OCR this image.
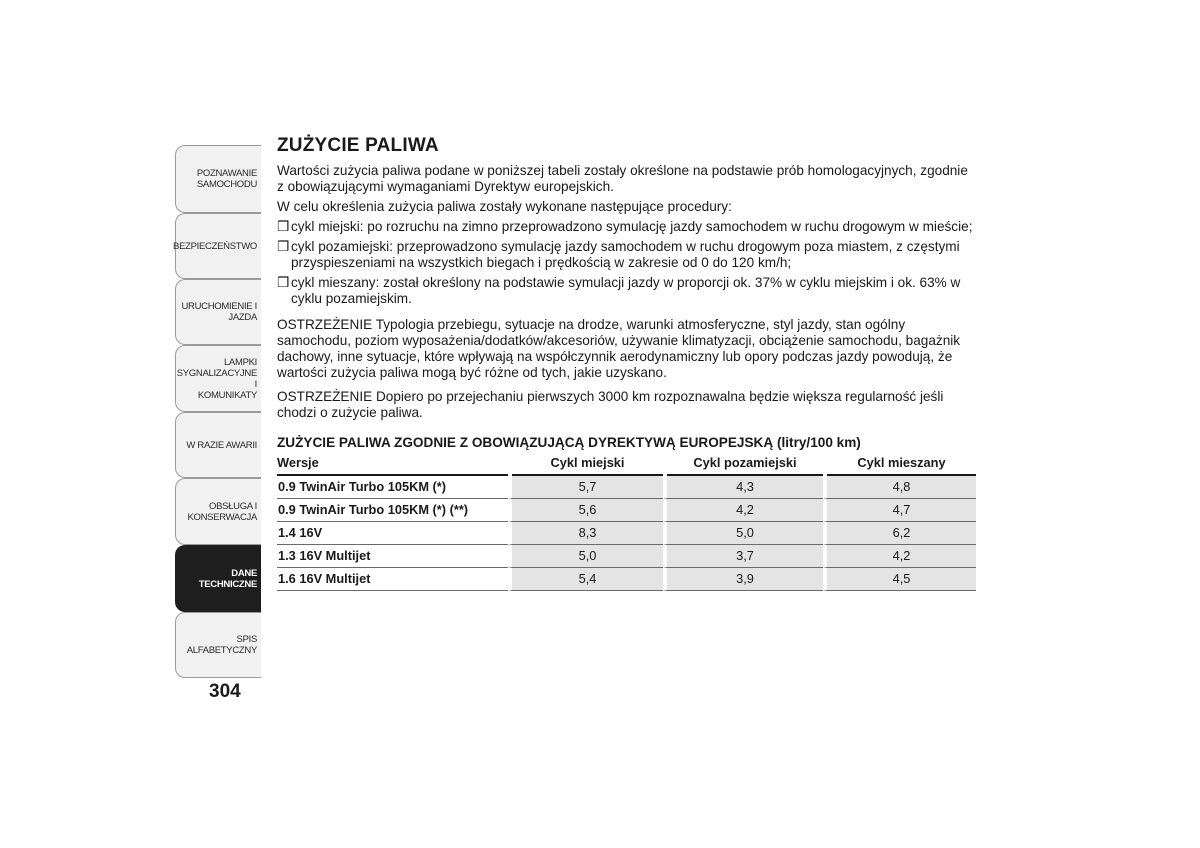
POZNAWANIE
SAMOCHODU
BEZPIECZEŃSTWO
URUCHOMIENIE I
JAZDA
LAMPKI
SYGNALIZACYJNE I
KOMUNIKATY
W RAZIE AWARII
OBSŁUGA I
KONSERWACJA
DANE
TECHNICZNE
SPIS ALFABETYCZNY
304
ZUŻYCIE PALIWA

Wartości zużycia paliwa podane w poniższej tabeli zostały określone na podstawie prób homologacyjnych, zgodnie z obowiązującymi wymaganiami Dyrektyw europejskich.

W celu określenia zużycia paliwa zostały wykonane następujące procedury:

❒ cykl miejski: po rozruchu na zimno przeprowadzono symulację jazdy samochodem w ruchu drogowym w mieście;
❒ cykl pozamiejski: przeprowadzono symulację jazdy samochodem w ruchu drogowym poza miastem, z częstymi przyspieszeniami na wszystkich biegach i prędkością w zakresie od 0 do 120 km/h;
❒ cykl mieszany: został określony na podstawie symulacji jazdy w proporcji ok. 37% w cyklu miejskim i ok. 63% w cyklu pozamiejskim.

OSTRZEŻENIE Typologia przebiegu, sytuacje na drodze, warunki atmosferyczne, styl jazdy, stan ogólny samochodu, poziom wyposażenia/dodatków/akcesoriów, używanie klimatyzacji, obciążenie samochodu, bagażnik dachowy, inne sytuacje, które wpływają na współczynnik aerodynamiczny lub opory podczas jazdy powodują, że wartości zużycia paliwa mogą być różne od tych, jakie uzyskano.

OSTRZEŻENIE Dopiero po przejechaniu pierwszych 3000 km rozpoznawalna będzie większa regularność jeśli chodzi o zużycie paliwa.

ZUŻYCIE PALIWA ZGODNIE Z OBOWIĄZUJĄCĄ DYREKTYWĄ EUROPEJSKĄ (litry/100 km)
Wersje	Cykl miejski	Cykl pozamiejski	Cykl mieszany
0.9 TwinAir Turbo 105KM (*)	5,7	4,3	4,8
0.9 TwinAir Turbo 105KM (*) (**)	5,6	4,2	4,7
1.4 16V	8,3	5,0	6,2
1.3 16V Multijet	5,0	3,7	4,2
1.6 16V Multijet	5,4	3,9	4,5
